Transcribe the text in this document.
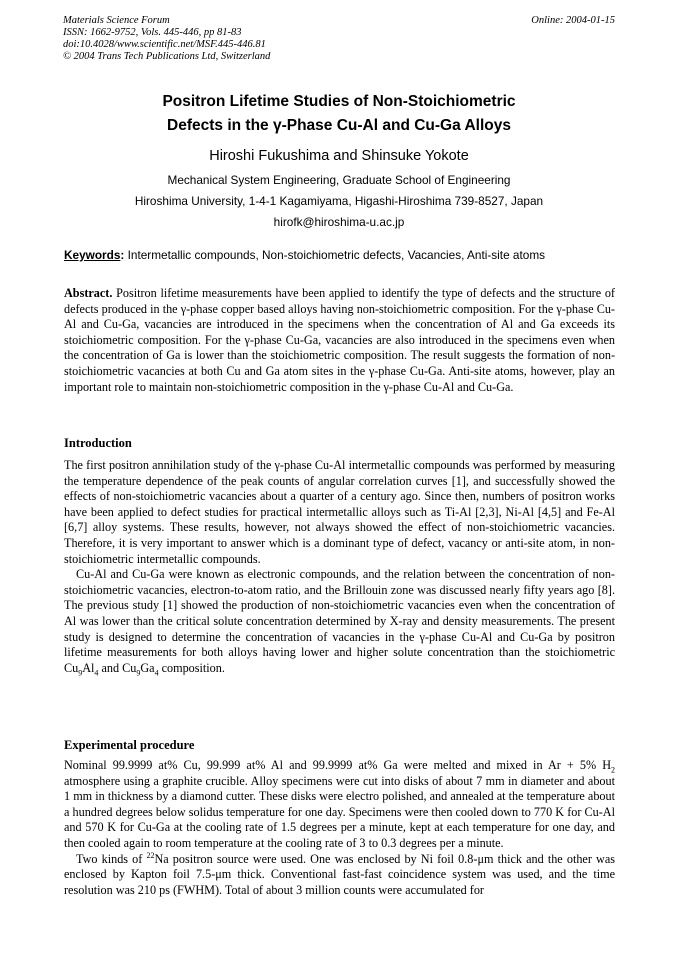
Materials Science Forum
ISSN: 1662-9752, Vols. 445-446, pp 81-83
doi:10.4028/www.scientific.net/MSF.445-446.81
© 2004 Trans Tech Publications Ltd, Switzerland
Online: 2004-01-15
Positron Lifetime Studies of Non-Stoichiometric
Defects in the γ-Phase Cu-Al and Cu-Ga Alloys
Hiroshi Fukushima and Shinsuke Yokote
Mechanical System Engineering, Graduate School of Engineering
Hiroshima University, 1-4-1 Kagamiyama, Higashi-Hiroshima 739-8527, Japan
hirofk@hiroshima-u.ac.jp
Keywords: Intermetallic compounds, Non-stoichiometric defects, Vacancies, Anti-site atoms

Abstract. Positron lifetime measurements have been applied to identify the type of defects and the structure of defects produced in the γ-phase copper based alloys having non-stoichiometric composition. For the γ-phase Cu-Al and Cu-Ga, vacancies are introduced in the specimens when the concentration of Al and Ga exceeds its stoichiometric composition. For the γ-phase Cu-Ga, vacancies are also introduced in the specimens even when the concentration of Ga is lower than the stoichiometric composition. The result suggests the formation of non-stoichiometric vacancies at both Cu and Ga atom sites in the γ-phase Cu-Ga. Anti-site atoms, however, play an important role to maintain non-stoichiometric composition in the γ-phase Cu-Al and Cu-Ga.

Introduction

The first positron annihilation study of the γ-phase Cu-Al intermetallic compounds was performed by measuring the temperature dependence of the peak counts of angular correlation curves [1], and successfully showed the effects of non-stoichiometric vacancies about a quarter of a century ago. Since then, numbers of positron works have been applied to defect studies for practical intermetallic alloys such as Ti-Al [2,3], Ni-Al [4,5] and Fe-Al [6,7] alloy systems. These results, however, not always showed the effect of non-stoichiometric vacancies. Therefore, it is very important to answer which is a dominant type of defect, vacancy or anti-site atom, in non-stoichiometric intermetallic compounds.

Cu-Al and Cu-Ga were known as electronic compounds, and the relation between the concentration of non-stoichiometric vacancies, electron-to-atom ratio, and the Brillouin zone was discussed nearly fifty years ago [8]. The previous study [1] showed the production of non-stoichiometric vacancies even when the concentration of Al was lower than the critical solute concentration determined by X-ray and density measurements. The present study is designed to determine the concentration of vacancies in the γ-phase Cu-Al and Cu-Ga by positron lifetime measurements for both alloys having lower and higher solute concentration than the stoichiometric $Cu_9Al_4$ and $Cu_9Ga_4$ composition.

Experimental procedure

Nominal 99.9999 at% Cu, 99.999 at% Al and 99.9999 at% Ga were melted and mixed in Ar + 5% $H_2$ atmosphere using a graphite crucible. Alloy specimens were cut into disks of about 7 mm in diameter and about 1 mm in thickness by a diamond cutter. These disks were electro polished, and annealed at the temperature about a hundred degrees below solidus temperature for one day. Specimens were then cooled down to 770 K for Cu-Al and 570 K for Cu-Ga at the cooling rate of 1.5 degrees per a minute, kept at each temperature for one day, and then cooled again to room temperature at the cooling rate of 3 to 0.3 degrees per a minute.

Two kinds of $^{22}$Na positron source were used. One was enclosed by Ni foil 0.8-μm thick and the other was enclosed by Kapton foil 7.5-μm thick. Conventional fast-fast coincidence system was used, and the time resolution was 210 ps (FWHM). Total of about 3 million counts were accumulated for
